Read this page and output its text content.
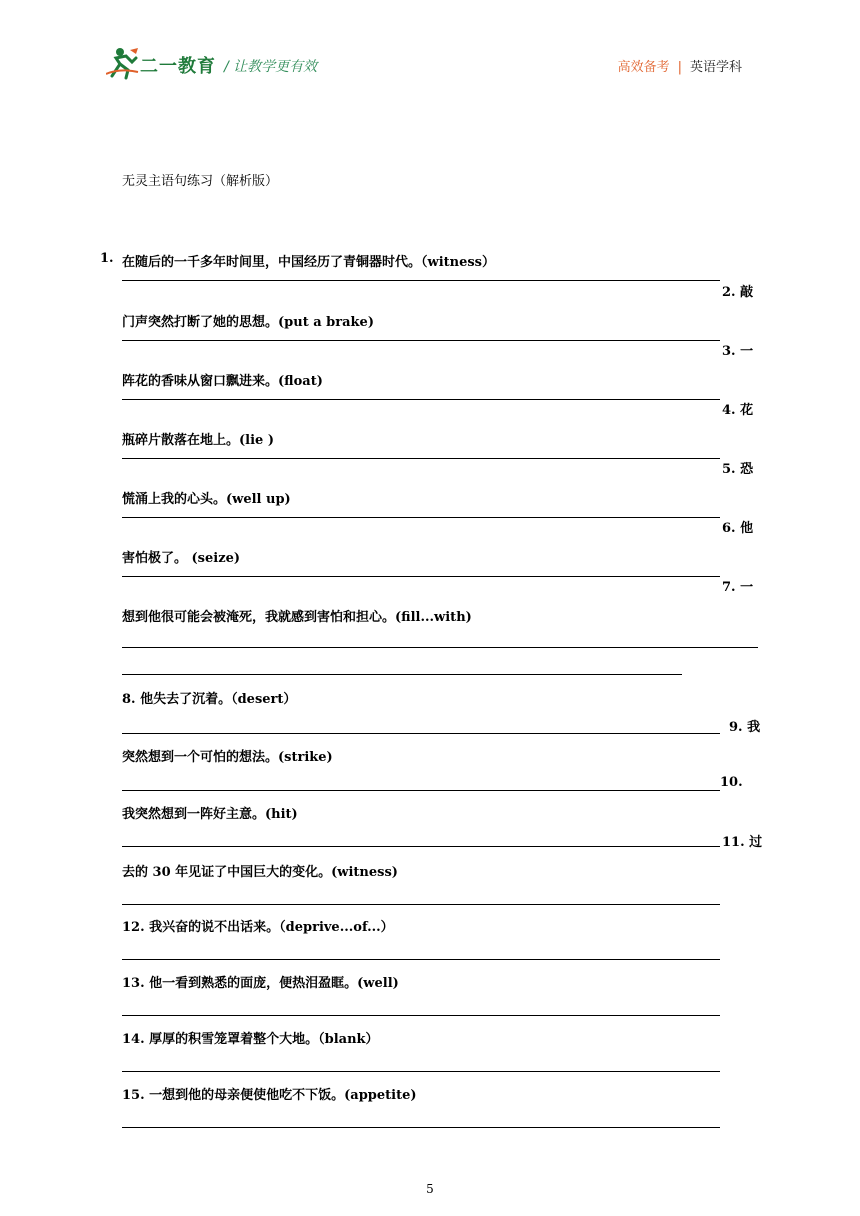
二一教育 / 让教学更有效	高效备考 | 英语学科
无灵主语句练习（解析版）
1. 在随后的一千多年时间里，中国经历了青铜器时代。（witness）
2. 敲
门声突然打断了她的思想。(put a brake)
3. 一
阵花的香味从窗口飘进来。(float)
4. 花
瓶碎片散落在地上。(lie )
5. 恐
慌涌上我的心头。(well up)
6. 他
害怕极了。 (seize)
7. 一
想到他很可能会被淹死，我就感到害怕和担心。(fill...with)
8. 他失去了沉着。（desert）
9. 我
突然想到一个可怕的想法。(strike)
10.
我突然想到一阵好主意。(hit)
11. 过
去的 30 年见证了中国巨大的变化。(witness)
12. 我兴奋的说不出话来。（deprive...of...）
13. 他一看到熟悉的面庞，便热泪盈眶。(well)
14. 厚厚的积雪笼罩着整个大地。（blank）
15. 一想到他的母亲便使他吃不下饭。(appetite)
5
